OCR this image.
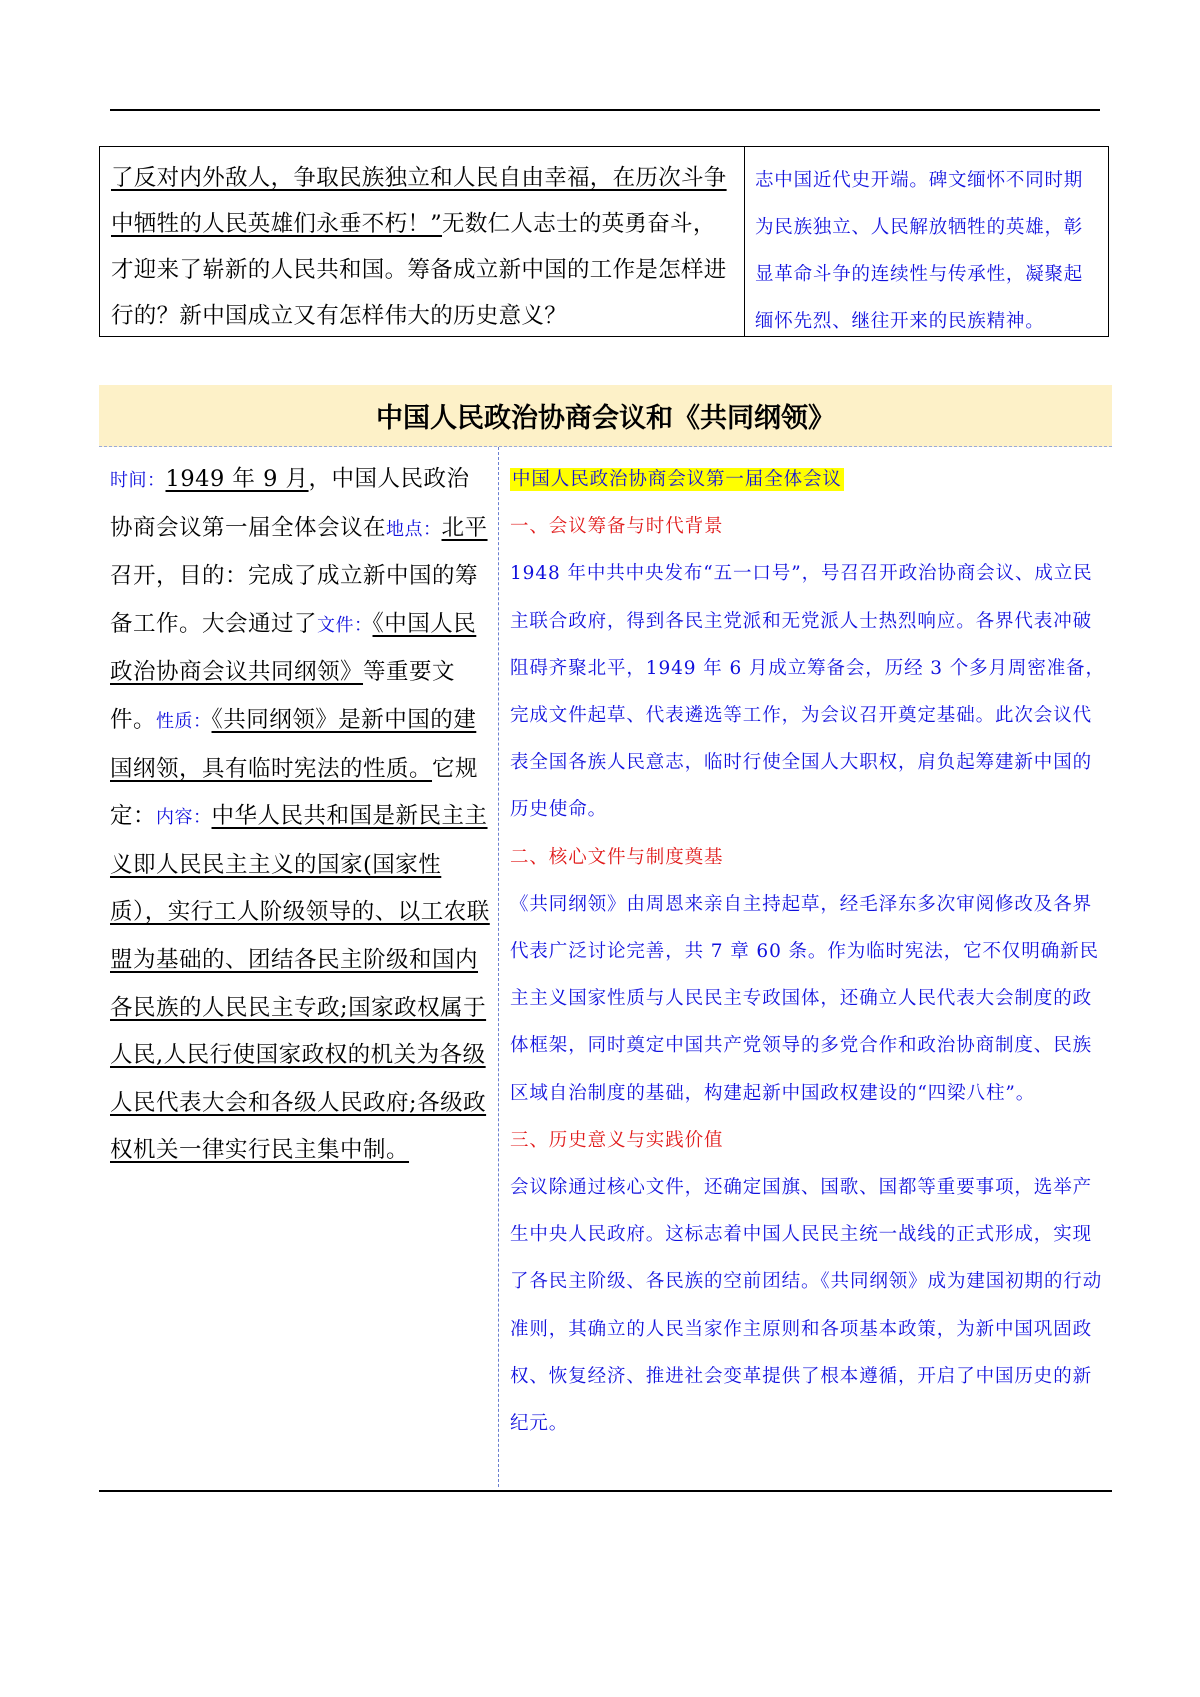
了反对内外敌人，争取民族独立和人民自由幸福，在历次斗争中牺牲的人民英雄们永垂不朽！”无数仁人志士的英勇奋斗，才迎来了崭新的人民共和国。筹备成立新中国的工作是怎样进行的？新中国成立又有怎样伟大的历史意义？
志中国近代史开端。碑文缅怀不同时期为民族独立、人民解放牺牲的英雄，彰显革命斗争的连续性与传承性，凝聚起缅怀先烈、继往开来的民族精神。
中国人民政治协商会议和《共同纲领》
时间：1949 年 9 月，中国人民政治协商会议第一届全体会议在地点：北平召开，目的：完成了成立新中国的筹备工作。大会通过了文件：《中国人民政治协商会议共同纲领》等重要文件。性质：《共同纲领》是新中国的建国纲领，具有临时宪法的性质。它规定：内容：中华人民共和国是新民主主义即人民民主主义的国家(国家性质），实行工人阶级领导的、以工农联盟为基础的、团结各民主阶级和国内各民族的人民民主专政;国家政权属于人民,人民行使国家政权的机关为各级人民代表大会和各级人民政府;各级政权机关一律实行民主集中制。
中国人民政治协商会议第一届全体会议
一、会议筹备与时代背景
1948 年中共中央发布“五一口号”，号召召开政治协商会议、成立民主联合政府，得到各民主党派和无党派人士热烈响应。各界代表冲破阻碍齐聚北平，1949 年 6 月成立筹备会，历经 3 个多月周密准备，完成文件起草、代表遴选等工作，为会议召开奠定基础。此次会议代表全国各族人民意志，临时行使全国人大职权，肩负起筹建新中国的历史使命。
二、核心文件与制度奠基
《共同纲领》由周恩来亲自主持起草，经毛泽东多次审阅修改及各界代表广泛讨论完善，共 7 章 60 条。作为临时宪法，它不仅明确新民主主义国家性质与人民民主专政国体，还确立人民代表大会制度的政体框架，同时奠定中国共产党领导的多党合作和政治协商制度、民族区域自治制度的基础，构建起新中国政权建设的“四梁八柱”。
三、历史意义与实践价值
会议除通过核心文件，还确定国旗、国歌、国都等重要事项，选举产生中央人民政府。这标志着中国人民民主统一战线的正式形成，实现了各民主阶级、各民族的空前团结。《共同纲领》成为建国初期的行动准则，其确立的人民当家作主原则和各项基本政策，为新中国巩固政权、恢复经济、推进社会变革提供了根本遵循，开启了中国历史的新纪元。
